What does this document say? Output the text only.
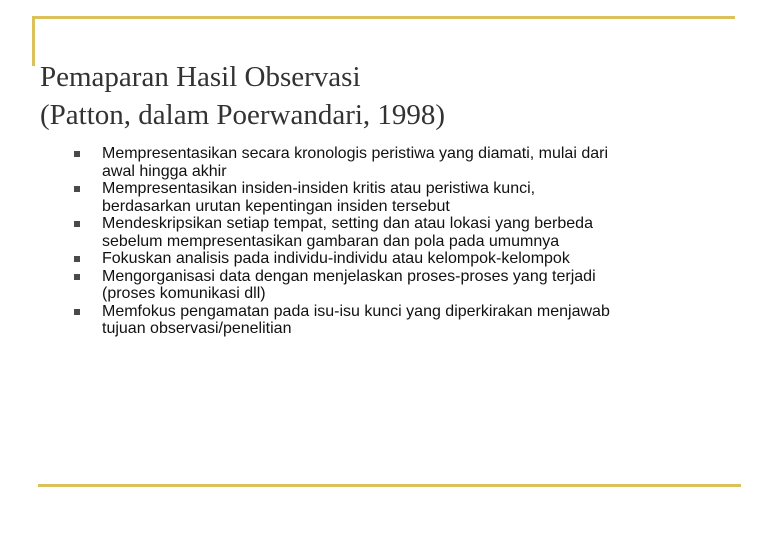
Pemaparan Hasil Observasi
(Patton, dalam Poerwandari, 1998)
Mempresentasikan secara kronologis peristiwa yang diamati, mulai dari
awal hingga akhir
Mempresentasikan insiden-insiden kritis atau peristiwa kunci,
berdasarkan urutan kepentingan insiden tersebut
Mendeskripsikan setiap tempat, setting dan atau lokasi yang berbeda
sebelum mempresentasikan gambaran dan pola pada umumnya
Fokuskan analisis pada individu-individu atau kelompok-kelompok
Mengorganisasi data dengan menjelaskan proses-proses yang terjadi
(proses komunikasi dll)
Memfokus pengamatan pada isu-isu kunci yang diperkirakan menjawab
tujuan observasi/penelitian
